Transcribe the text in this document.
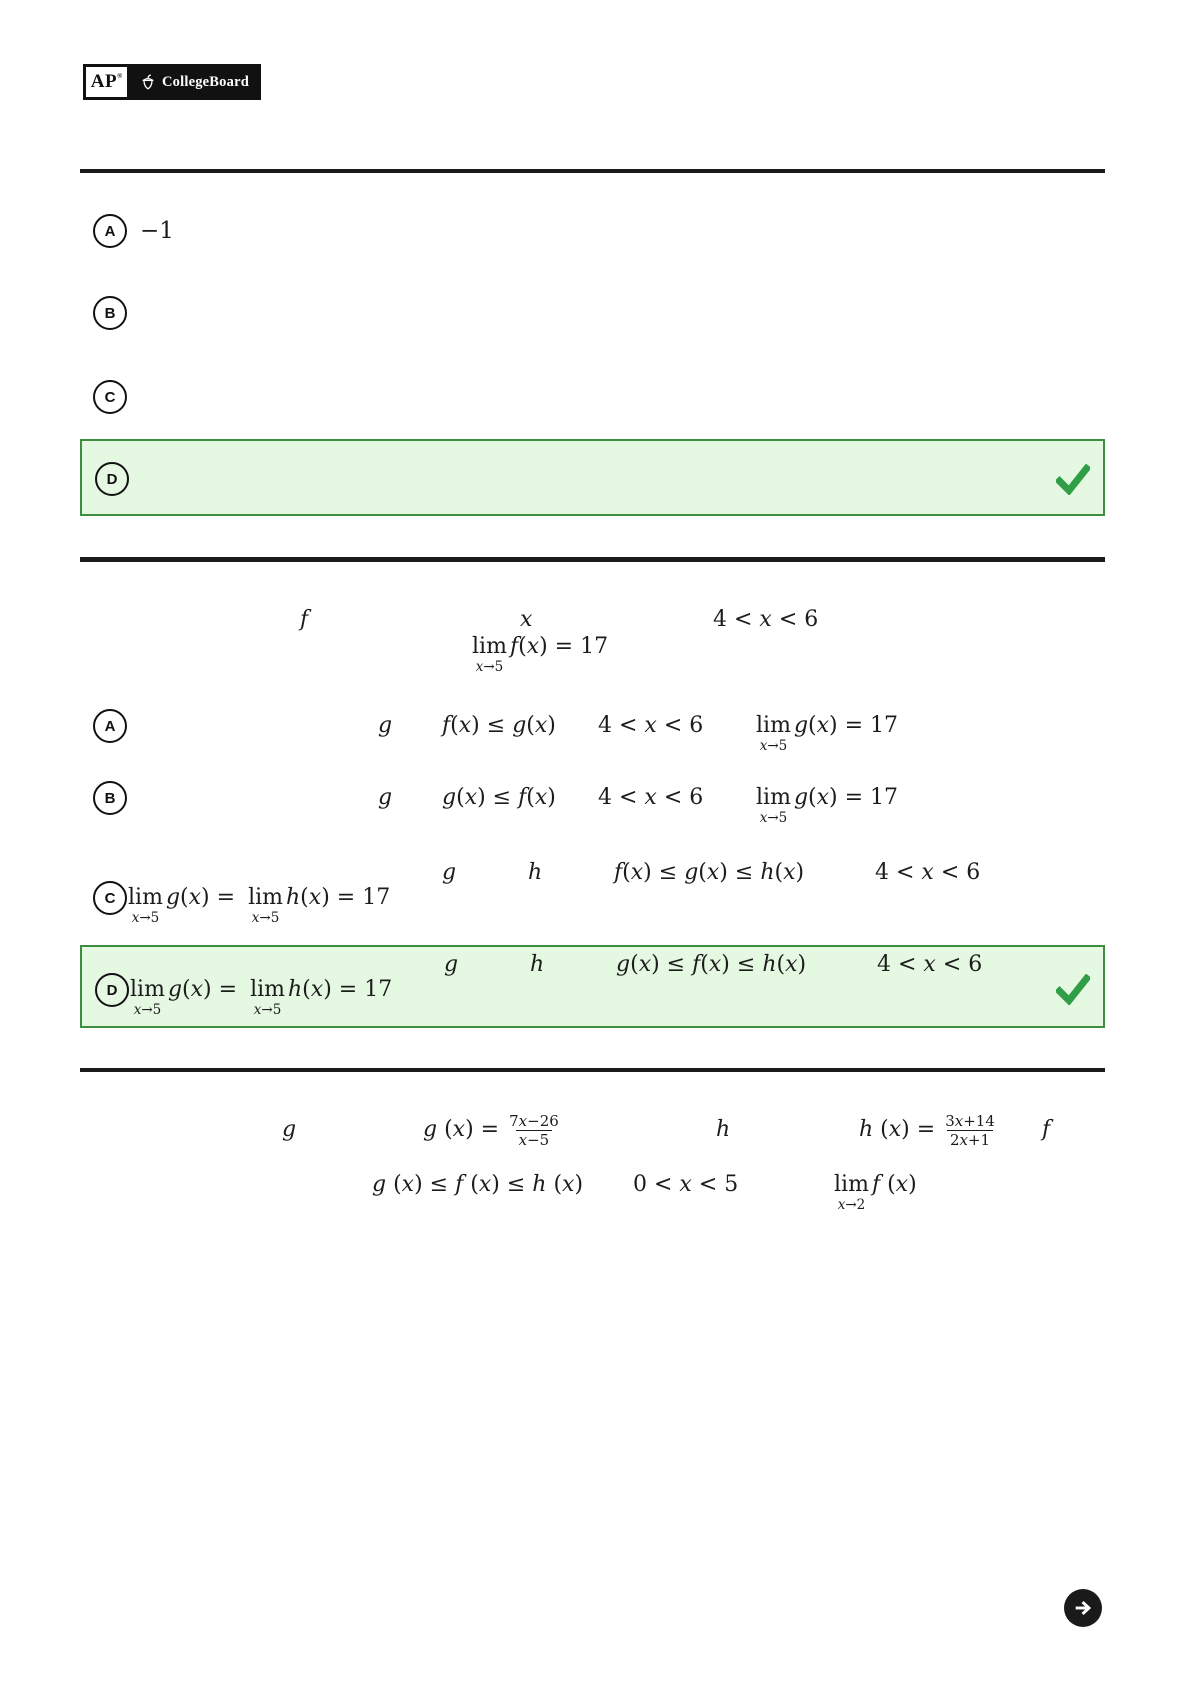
AP ®	CollegeBoard
A −1
B
C
D
f	x	4 < x < 6
lim
x→5
f(x) = 17
A	g f(x) ≤ g(x) 4 < x < 6 lim
x→5
g(x) = 17
B	g g(x) ≤ f(x) 4 < x < 6 lim
x→5
g(x) = 17
g	h	f(x) ≤ g(x) ≤ h(x)	4 < x < 6
C lim
x→5
g(x) = lim
x→5
h(x) = 17
g	h	g(x) ≤ f(x) ≤ h(x)	4 < x < 6
D lim
x→5
g(x) = lim
x→5
h(x) = 17
g	g $(x) = \frac{7x-26}{x-5}$	h	h $(x) = \frac{3x+14}{2x+1}$ f
g (x) ≤ f (x) ≤ h (x) 0 < x < 5	lim
x→2
f (x)
